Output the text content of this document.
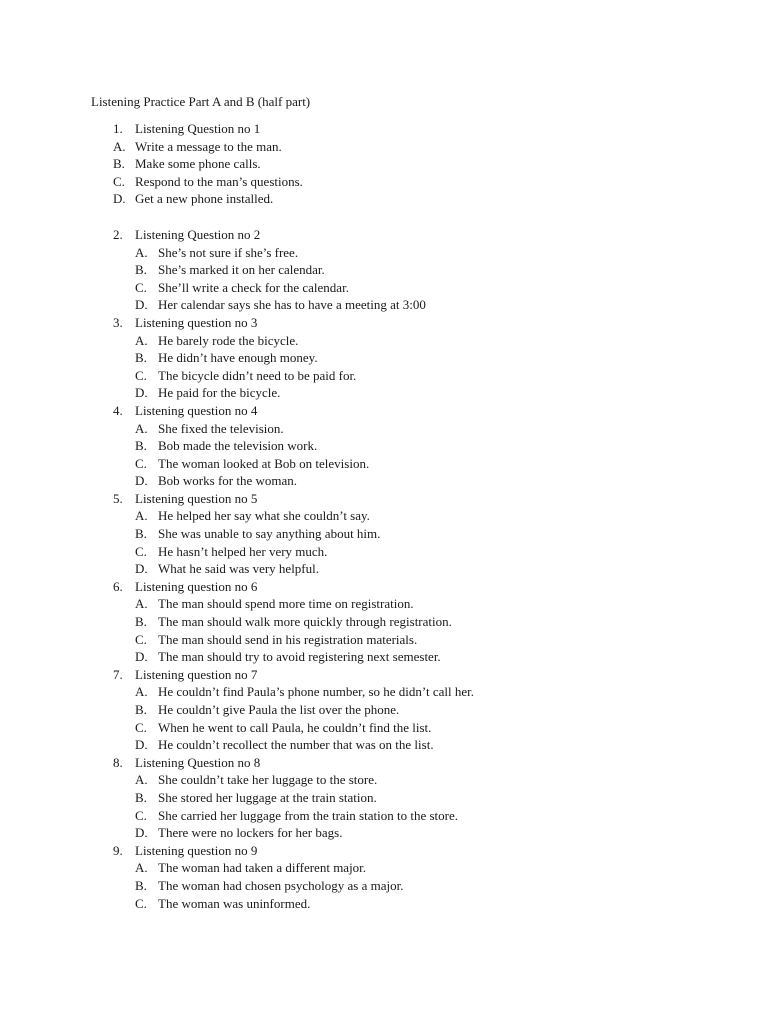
Listening Practice Part A and B (half part)
1. Listening Question no 1
A. Write a message to the man.
B. Make some phone calls.
C. Respond to the man’s questions.
D. Get a new phone installed.
2. Listening Question no 2
A. She’s not sure if she’s free.
B. She’s marked it on her calendar.
C. She’ll write a check for the calendar.
D. Her calendar says she has to have a meeting at 3:00
3. Listening question no 3
A. He barely rode the bicycle.
B. He didn’t have enough money.
C. The bicycle didn’t need to be paid for.
D. He paid for the bicycle.
4. Listening question no 4
A. She fixed the television.
B. Bob made the television work.
C. The woman looked at Bob on television.
D. Bob works for the woman.
5. Listening question no 5
A. He helped her say what she couldn’t say.
B. She was unable to say anything about him.
C. He hasn’t helped her very much.
D. What he said was very helpful.
6. Listening question no 6
A. The man should spend more time on registration.
B. The man should walk more quickly through registration.
C. The man should send in his registration materials.
D. The man should try to avoid registering next semester.
7. Listening question no 7
A. He couldn’t find Paula’s phone number, so he didn’t call her.
B. He couldn’t give Paula the list over the phone.
C. When he went to call Paula, he couldn’t find the list.
D. He couldn’t recollect the number that was on the list.
8. Listening Question no 8
A. She couldn’t take her luggage to the store.
B. She stored her luggage at the train station.
C. She carried her luggage from the train station to the store.
D. There were no lockers for her bags.
9. Listening question no 9
A. The woman had taken a different major.
B. The woman had chosen psychology as a major.
C. The woman was uninformed.
